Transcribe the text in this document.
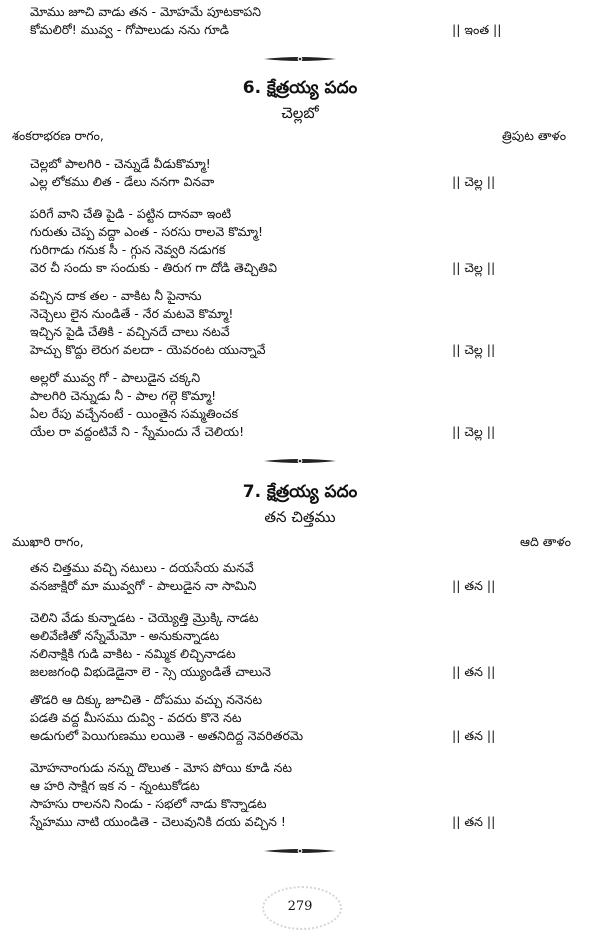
మోము జూచి వాడు తన - మోహమే పూటకాపని
కోమలిరో! మువ్వ - గోపాలుడు నను గూడి	|| ఇంత ||
6. క్షేత్రయ్య పదం
చెల్లబో
శంకరాభరణ రాగం,	త్రిపుట తాళం
చెల్లబో పాలగిరి - చెన్నుడే వీడుకొమ్మా!
ఎల్ల లోకము లిత - డేలు ననగా వినవా	|| చెల్ల ||
పరిగే వాని చేతి పైడి - పట్టిన దానవా ఇంటి
గురుతు చెప్ప వద్దా ఎంత - సరసు రాలవె కొమ్మా!
గురిగాడు గనుక సీ - గ్గున నెవ్వరి నడుగక
వెర చీ సందు కా సందుకు - తిరుగ గా దోడి తెచ్చితివి	|| చెల్ల ||
వచ్చిన దాక తల - వాకిట నీ పైనాను
నెచ్చెలు లైన నుండితే - నేర మటవె కొమ్మా!
ఇచ్చిన పైడి చేతికి - వచ్చినదే చాలు నటవే
హెచ్చు కొద్దు లెరుగ వలదా - యెవరంట యున్నావే	|| చెల్ల ||
అల్లరో మువ్వ గో - పాలుడైన చక్కని
పాలగిరి చెన్నుడు నీ - పాల గల్గె కొమ్మా!
ఏల రేపు వచ్చేనంటే - యింతైన సమ్మతించక
యేల రా వద్దంటివే ని - స్నేమందు నే చెలియ!	|| చెల్ల ||
7. క్షేత్రయ్య పదం
తన చిత్తము
ముఖారి రాగం,	ఆది తాళం
తన చిత్తము వచ్చి నటులు - దయసేయ మనవే
వనజాక్షిరో మా మువ్వగో - పాలుడైన నా సామిని	|| తన ||
చెలిని వేడు కున్నాడట - చెయ్యెత్తి మ్రొక్కి నాడట
అలివేణితో నస్నేమేమో - అనుకున్నాడట
నలినాక్షికి గుడి వాకిట - నమ్మిక లిచ్చినాడట
జలజగంధి విభుడెడైనా లె - స్సె య్యుండితే చాలునె	|| తన ||
తొడరి ఆ దిక్కు జూచితె - దోపము వచ్చు ననెనట
పడతి వద్ద మీసము దువ్వి - వదరు కొనె నట
అడుగులో పెయిగుణము లయితె - అతనిదిద్ద నెవరితరమె	|| తన ||
మోహనాంగుడు నన్ను దొలుత - మోస పోయి కూడి నట
ఆ హరి సాక్షిగ ఇక న - న్నంటుకోడట
సాహసు రాలనని నిండు - సభలో నాడు కొన్నాడట
స్నేహము నాటి యుండితె - చెలువునికి దయ వచ్చిన !	|| తన ||
279
